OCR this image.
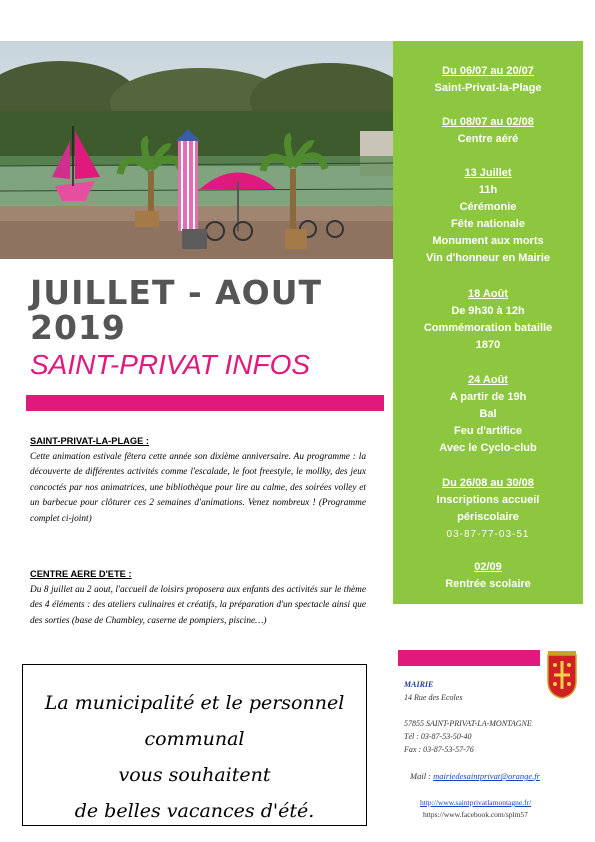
JUILLET - AOUT
2019
SAINT-PRIVAT INFOS
SAINT-PRIVAT-LA-PLAGE :
Cette animation estivale fêtera cette année son dixième anniversaire. Au programme : la découverte de différentes activités comme l'escalade, le foot freestyle, le mollky, des jeux concoctés par nos animatrices, une bibliothèque pour lire au calme, des soirées volley et un barbecue pour clôturer ces 2 semaines d'animations. Venez nombreux ! (Programme complet ci-joint)
CENTRE AERE D'ETE :
Du 8 juillet au 2 aout, l'accueil de loisirs proposera aux enfants des activités sur le thème des 4 éléments : des ateliers culinaires et créatifs, la préparation d'un spectacle ainsi que des sorties (base de Chambley, caserne de pompiers, piscine…)
La municipalité et le personnel
communal
vous souhaitent
de belles vacances d'été.
Du 06/07 au 20/07
Saint-Privat-la-Plage
Du 08/07 au 02/08
Centre aéré
13 Juillet
11h
Cérémonie
Fête nationale
Monument aux morts
Vin d'honneur en Mairie
18 Août
De 9h30 à 12h
Commémoration bataille
1870
24 Août
A partir de 19h
Bal
Feu d'artifice
Avec le Cyclo-club
Du 26/08 au 30/08
Inscriptions accueil
périscolaire
03-87-77-03-51
02/09
Rentrée scolaire
MAIRIE
14 Rue des Ecoles
57855 SAINT-PRIVAT-LA-MONTAGNE
Tél : 03-87-53-50-40
Fax : 03-87-53-57-76
Mail : mairiedesaintprivat@orange.fr
http://www.saintprivatlamontagne.fr/
https://www.facebook.com/splm57
